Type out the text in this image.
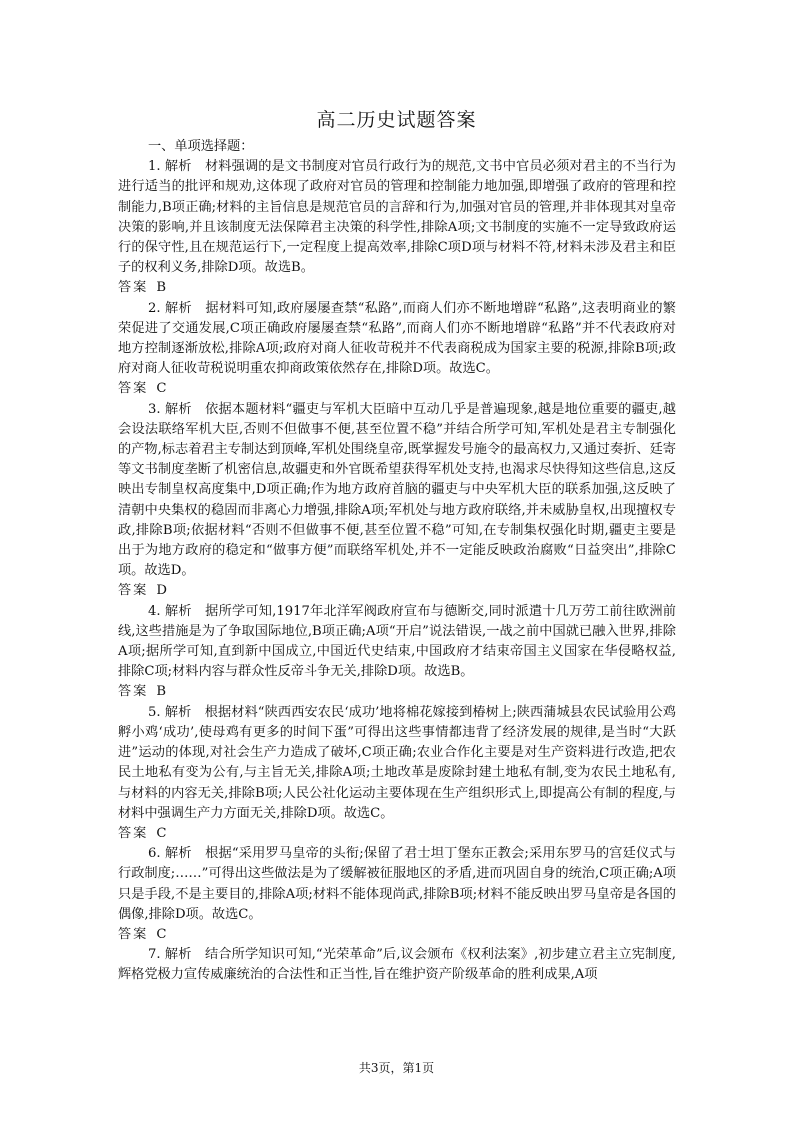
高二历史试题答案
一、单项选择题：

1. 解析　材料强调的是文书制度对官员行政行为的规范,文书中官员必须对君主的不当行为进行适当的批评和规劝,这体现了政府对官员的管理和控制能力地加强,即增强了政府的管理和控制能力,B项正确;材料的主旨信息是规范官员的言辞和行为,加强对官员的管理,并非体现其对皇帝决策的影响,并且该制度无法保障君主决策的科学性,排除A项;文书制度的实施不一定导致政府运行的保守性,且在规范运行下,一定程度上提高效率,排除C项D项与材料不符,材料未涉及君主和臣子的权利义务,排除D项。故选B。

答案 B

2. 解析　据材料可知,政府屡屡查禁“私路”,而商人们亦不断地增辟“私路”,这表明商业的繁荣促进了交通发展,C项正确政府屡屡查禁“私路”,而商人们亦不断地增辟“私路”并不代表政府对地方控制逐渐放松,排除A项;政府对商人征收苛税并不代表商税成为国家主要的税源,排除B项;政府对商人征收苛税说明重农抑商政策依然存在,排除D项。故选C。

答案 C

3. 解析　依据本题材料“疆吏与军机大臣暗中互动几乎是普遍现象,越是地位重要的疆吏,越会设法联络军机大臣,否则不但做事不便,甚至位置不稳”并结合所学可知,军机处是君主专制强化的产物,标志着君主专制达到顶峰,军机处围绕皇帝,既掌握发号施令的最高权力,又通过奏折、廷寄等文书制度垄断了机密信息,故疆吏和外官既希望获得军机处支持,也渴求尽快得知这些信息,这反映出专制皇权高度集中,D项正确;作为地方政府首脑的疆吏与中央军机大臣的联系加强,这反映了清朝中央集权的稳固而非离心力增强,排除A项;军机处与地方政府联络,并未威胁皇权,出现擅权专政,排除B项;依据材料“否则不但做事不便,甚至位置不稳”可知,在专制集权强化时期,疆吏主要是出于为地方政府的稳定和“做事方便”而联络军机处,并不一定能反映政治腐败“日益突出”,排除C项。故选D。

答案 D

4. 解析　据所学可知,1917年北洋军阀政府宣布与德断交,同时派遣十几万劳工前往欧洲前线,这些措施是为了争取国际地位,B项正确;A项“开启”说法错误,一战之前中国就已融入世界,排除A项;据所学可知,直到新中国成立,中国近代史结束,中国政府才结束帝国主义国家在华侵略权益,排除C项;材料内容与群众性反帝斗争无关,排除D项。故选B。

答案 B

5. 解析　根据材料“陕西西安农民‘成功’地将棉花嫁接到椿树上;陕西蒲城县农民试验用公鸡孵小鸡‘成功’,使母鸡有更多的时间下蛋”可得出这些事情都违背了经济发展的规律,是当时“大跃进”运动的体现,对社会生产力造成了破坏,C项正确;农业合作化主要是对生产资料进行改造,把农民土地私有变为公有,与主旨无关,排除A项;土地改革是废除封建土地私有制,变为农民土地私有,与材料的内容无关,排除B项;人民公社化运动主要体现在生产组织形式上,即提高公有制的程度,与材料中强调生产力方面无关,排除D项。故选C。

答案 C

6. 解析　根据“采用罗马皇帝的头衔;保留了君士坦丁堡东正教会;采用东罗马的宫廷仪式与行政制度;……”可得出这些做法是为了缓解被征服地区的矛盾,进而巩固自身的统治,C项正确;A项只是手段,不是主要目的,排除A项;材料不能体现尚武,排除B项;材料不能反映出罗马皇帝是各国的偶像,排除D项。故选C。

答案 C

7. 解析　结合所学知识可知,“光荣革命”后,议会颁布《权利法案》,初步建立君主立宪制度,辉格党极力宣传威廉统治的合法性和正当性,旨在维护资产阶级革命的胜利成果,A项

共3页，第1页
